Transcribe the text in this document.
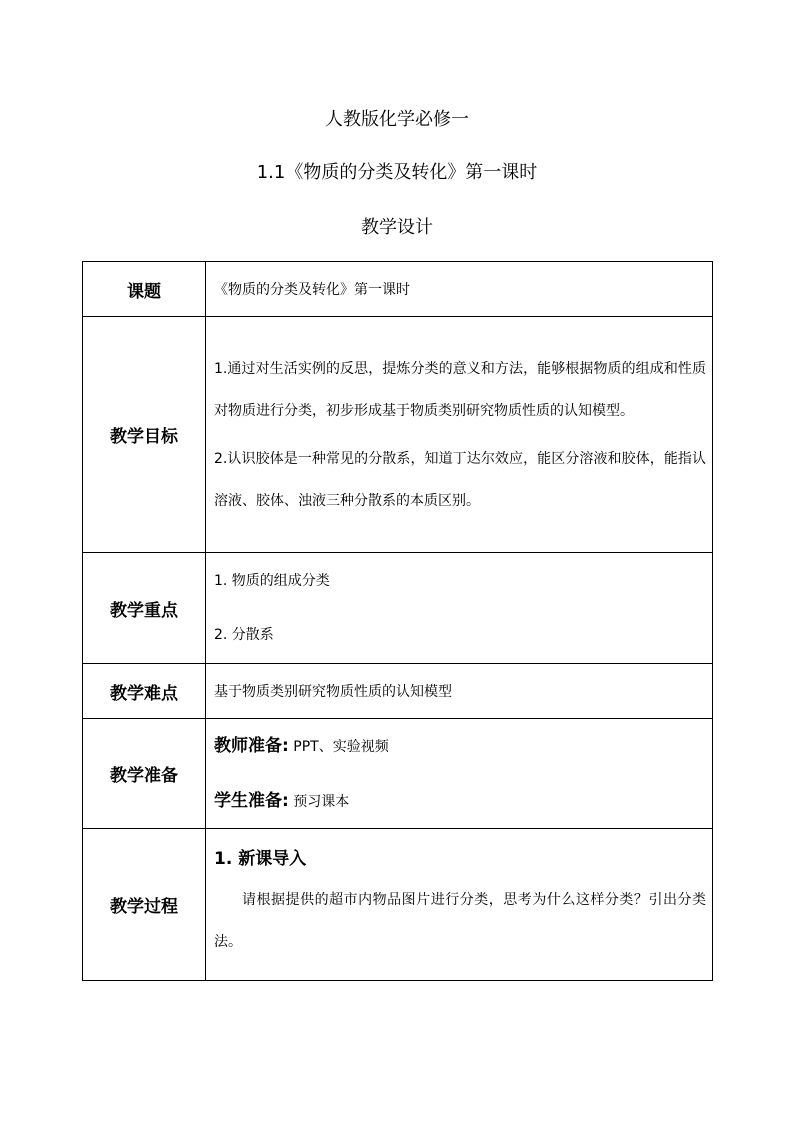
人教版化学必修一
1.1《物质的分类及转化》第一课时
教学设计
课题	《物质的分类及转化》第一课时
教学目标	1.通过对生活实例的反思，提炼分类的意义和方法，能够根据物质的组成和性质对物质进行分类，初步形成基于物质类别研究物质性质的认知模型。
2.认识胶体是一种常见的分散系，知道丁达尔效应，能区分溶液和胶体，能指认溶液、胶体、浊液三种分散系的本质区别。

教学重点	1. 物质的组成分类
2. 分散系

教学难点	基于物质类别研究物质性质的认知模型
教学准备	教师准备: PPT、实验视频
学生准备: 预习课本

教学过程	1. 新课导入
请根据提供的超市内物品图片进行分类，思考为什么这样分类？引出分类法。
